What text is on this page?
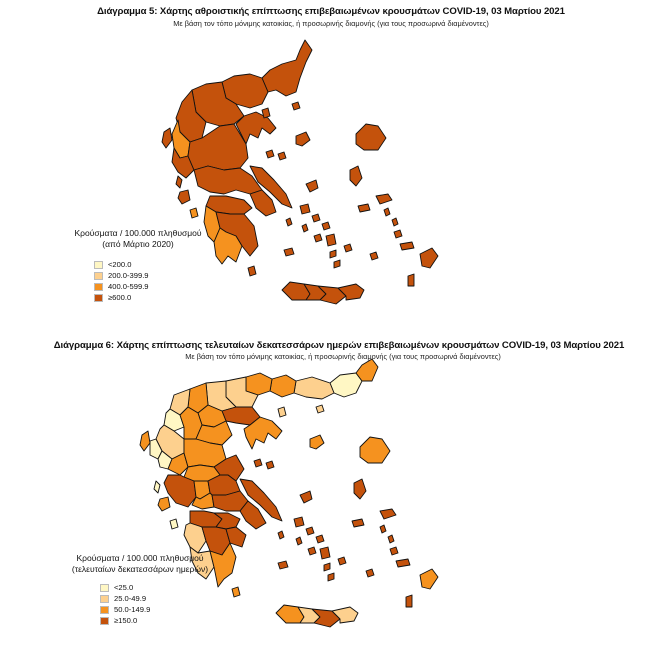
Διάγραμμα 5: Χάρτης αθροιστικής επίπτωσης επιβεβαιωμένων κρουσμάτων COVID-19, 03 Μαρτίου 2021
Με βάση τον τόπο μόνιμης κατοικίας, ή προσωρινής διαμονής (για τους προσωρινά διαμένοντες)
Κρούσματα / 100.000 πληθυσμού
(από Μάρτιο 2020)
<200.0
200.0-399.9
400.0-599.9
≥600.0
Διάγραμμα 6: Χάρτης επίπτωσης τελευταίων δεκατεσσάρων ημερών επιβεβαιωμένων κρουσμάτων COVID-19, 03 Μαρτίου 2021
Με βάση τον τόπο μόνιμης κατοικίας, ή προσωρινής διαμονής (για τους προσωρινά διαμένοντες)
Κρούσματα / 100.000 πληθυσμού
(τελευταίων δεκατεσσάρων ημερών)
<25.0
25.0-49.9
50.0-149.9
≥150.0
